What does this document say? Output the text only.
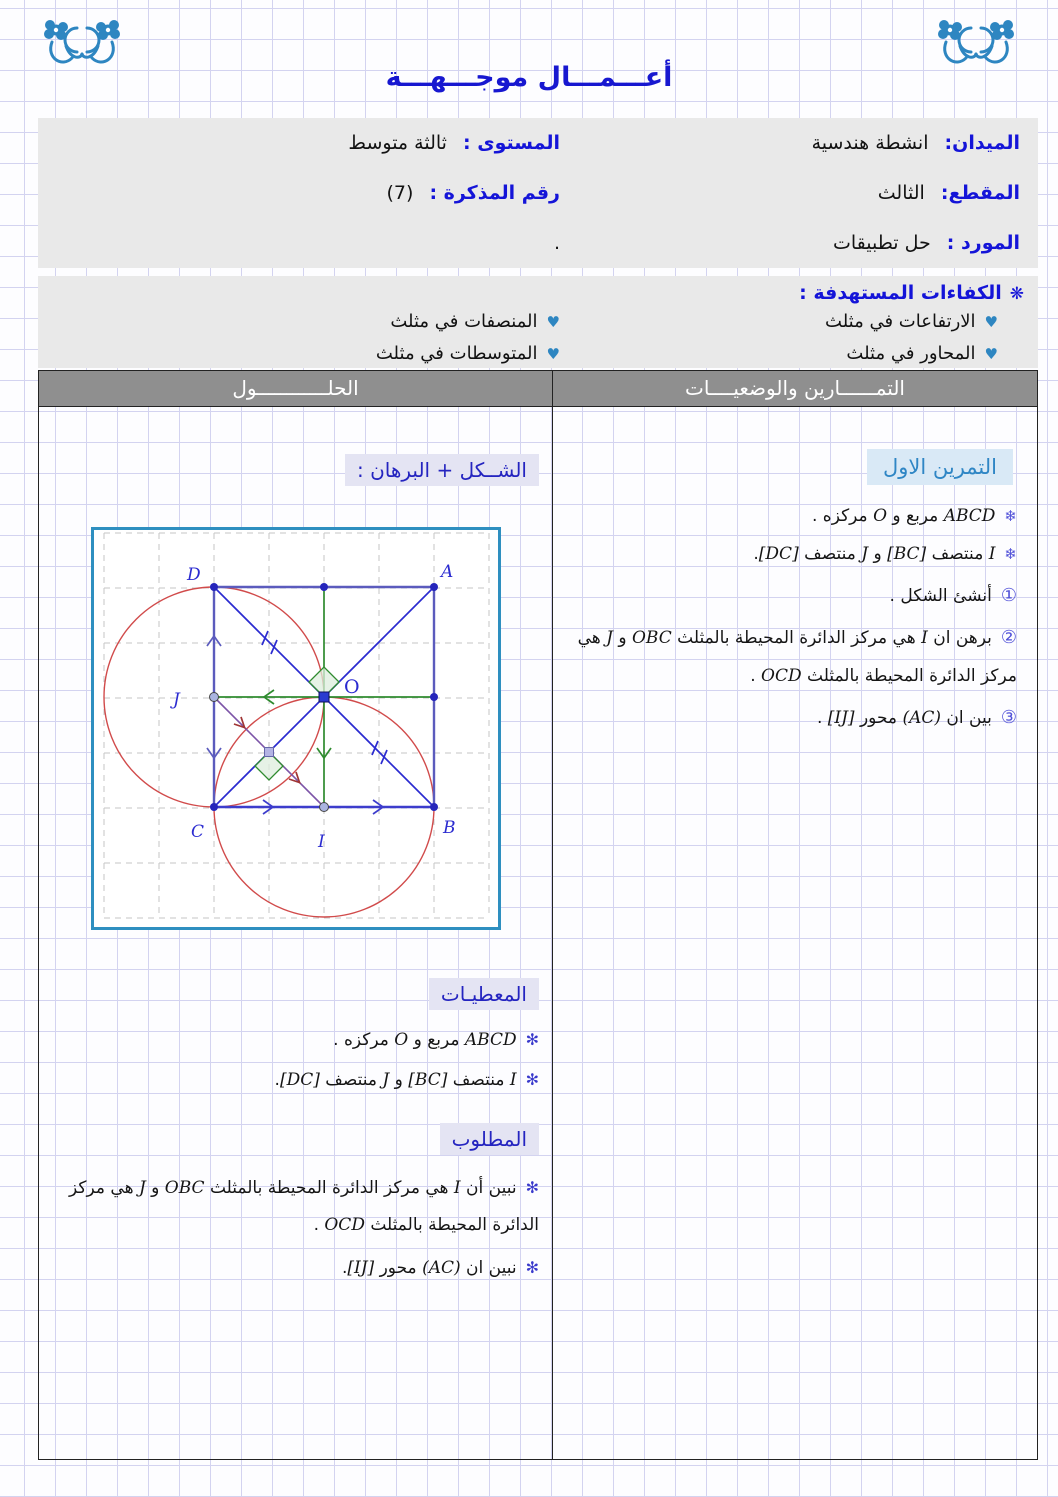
أعـــمـــال موجـــهـــة
المستوى : ثالثة متوسط
رقم المذكرة : (7)
.
الميدان: انشطة هندسية
المقطع: الثالث
المورد : حل تطبيقات
❋الكفاءات المستهدفة :
♥المنصفات في مثلث
♥المتوسطات في مثلث
♥الارتفاعات في مثلث
♥المحاور في مثلث
الحلــــــــــــول	التمــــــارين والوضعيــــات
الشــكل + البرهان :
D	A
C	B
O
J
I
المعطيـات
✻ABCD مربع و O مركزه .
✻I منتصف [BC] و J منتصف [DC].
المطلوب
✻نبين أن I هي مركز الدائرة المحيطة بالمثلث OBC و J هي مركز الدائرة المحيطة بالمثلث OCD .
✻نبين ان (AC) محور [IJ].
التمرين الاول
❄ABCD مربع و O مركزه .
❄I منتصف [BC] و J منتصف [DC].
①أنشئ الشكل .
②برهن ان I هي مركز الدائرة المحيطة بالمثلث OBC و J هي مركز الدائرة المحيطة بالمثلث OCD .
③بين ان (AC) محور [IJ] .
